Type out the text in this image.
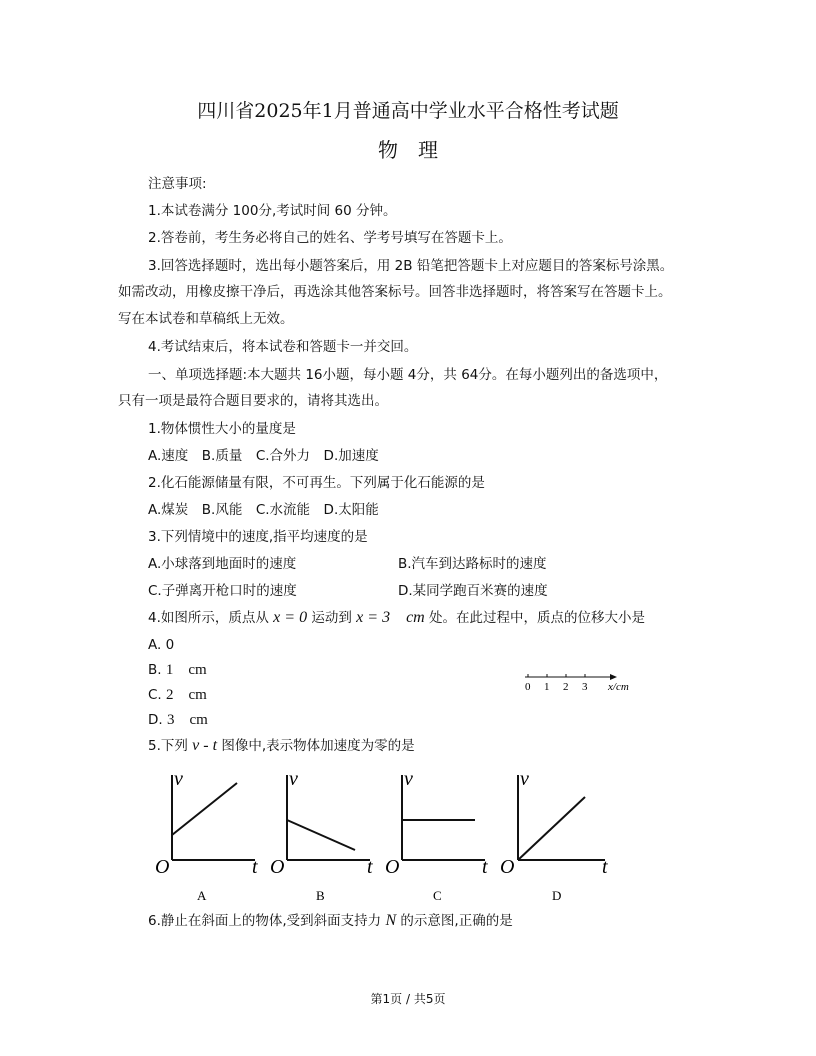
四川省2025年1月普通高中学业水平合格性考试题
物　理
注意事项:
1.本试卷满分 100分,考试时间 60 分钟。
2.答卷前，考生务必将自己的姓名、学考号填写在答题卡上。
3.回答选择题时，选出每小题答案后，用 2B 铅笔把答题卡上对应题目的答案标号涂黑。
如需改动，用橡皮擦干净后，再选涂其他答案标号。回答非选择题时，将答案写在答题卡上。
写在本试卷和草稿纸上无效。
4.考试结束后，将本试卷和答题卡一并交回。
一、单项选择题:本大题共 16小题，每小题 4分，共 64分。在每小题列出的备选项中，
只有一项是最符合题目要求的，请将其选出。
1.物体惯性大小的量度是
A.速度　B.质量　C.合外力　D.加速度
2.化石能源储量有限，不可再生。下列属于化石能源的是
A.煤炭　B.风能　C.水流能　D.太阳能
3.下列情境中的速度,指平均速度的是
A.小球落到地面时的速度	B.汽车到达路标时的速度
C.子弹离开枪口时的速度	D.某同学跑百米赛的速度
4.如图所示，质点从 x = 0 运动到 x = 3　cm 处。在此过程中，质点的位移大小是
A. 0
B. 1　cm
C. 2　cm
D. 3　cm
0 1 2 3 x/cm
5.下列 v - t 图像中,表示物体加速度为零的是
v
O	t
v
O	t
v
O	t
v
O	t
A	B	C	D
6.静止在斜面上的物体,受到斜面支持力 N 的示意图,正确的是
第1页 / 共5页
